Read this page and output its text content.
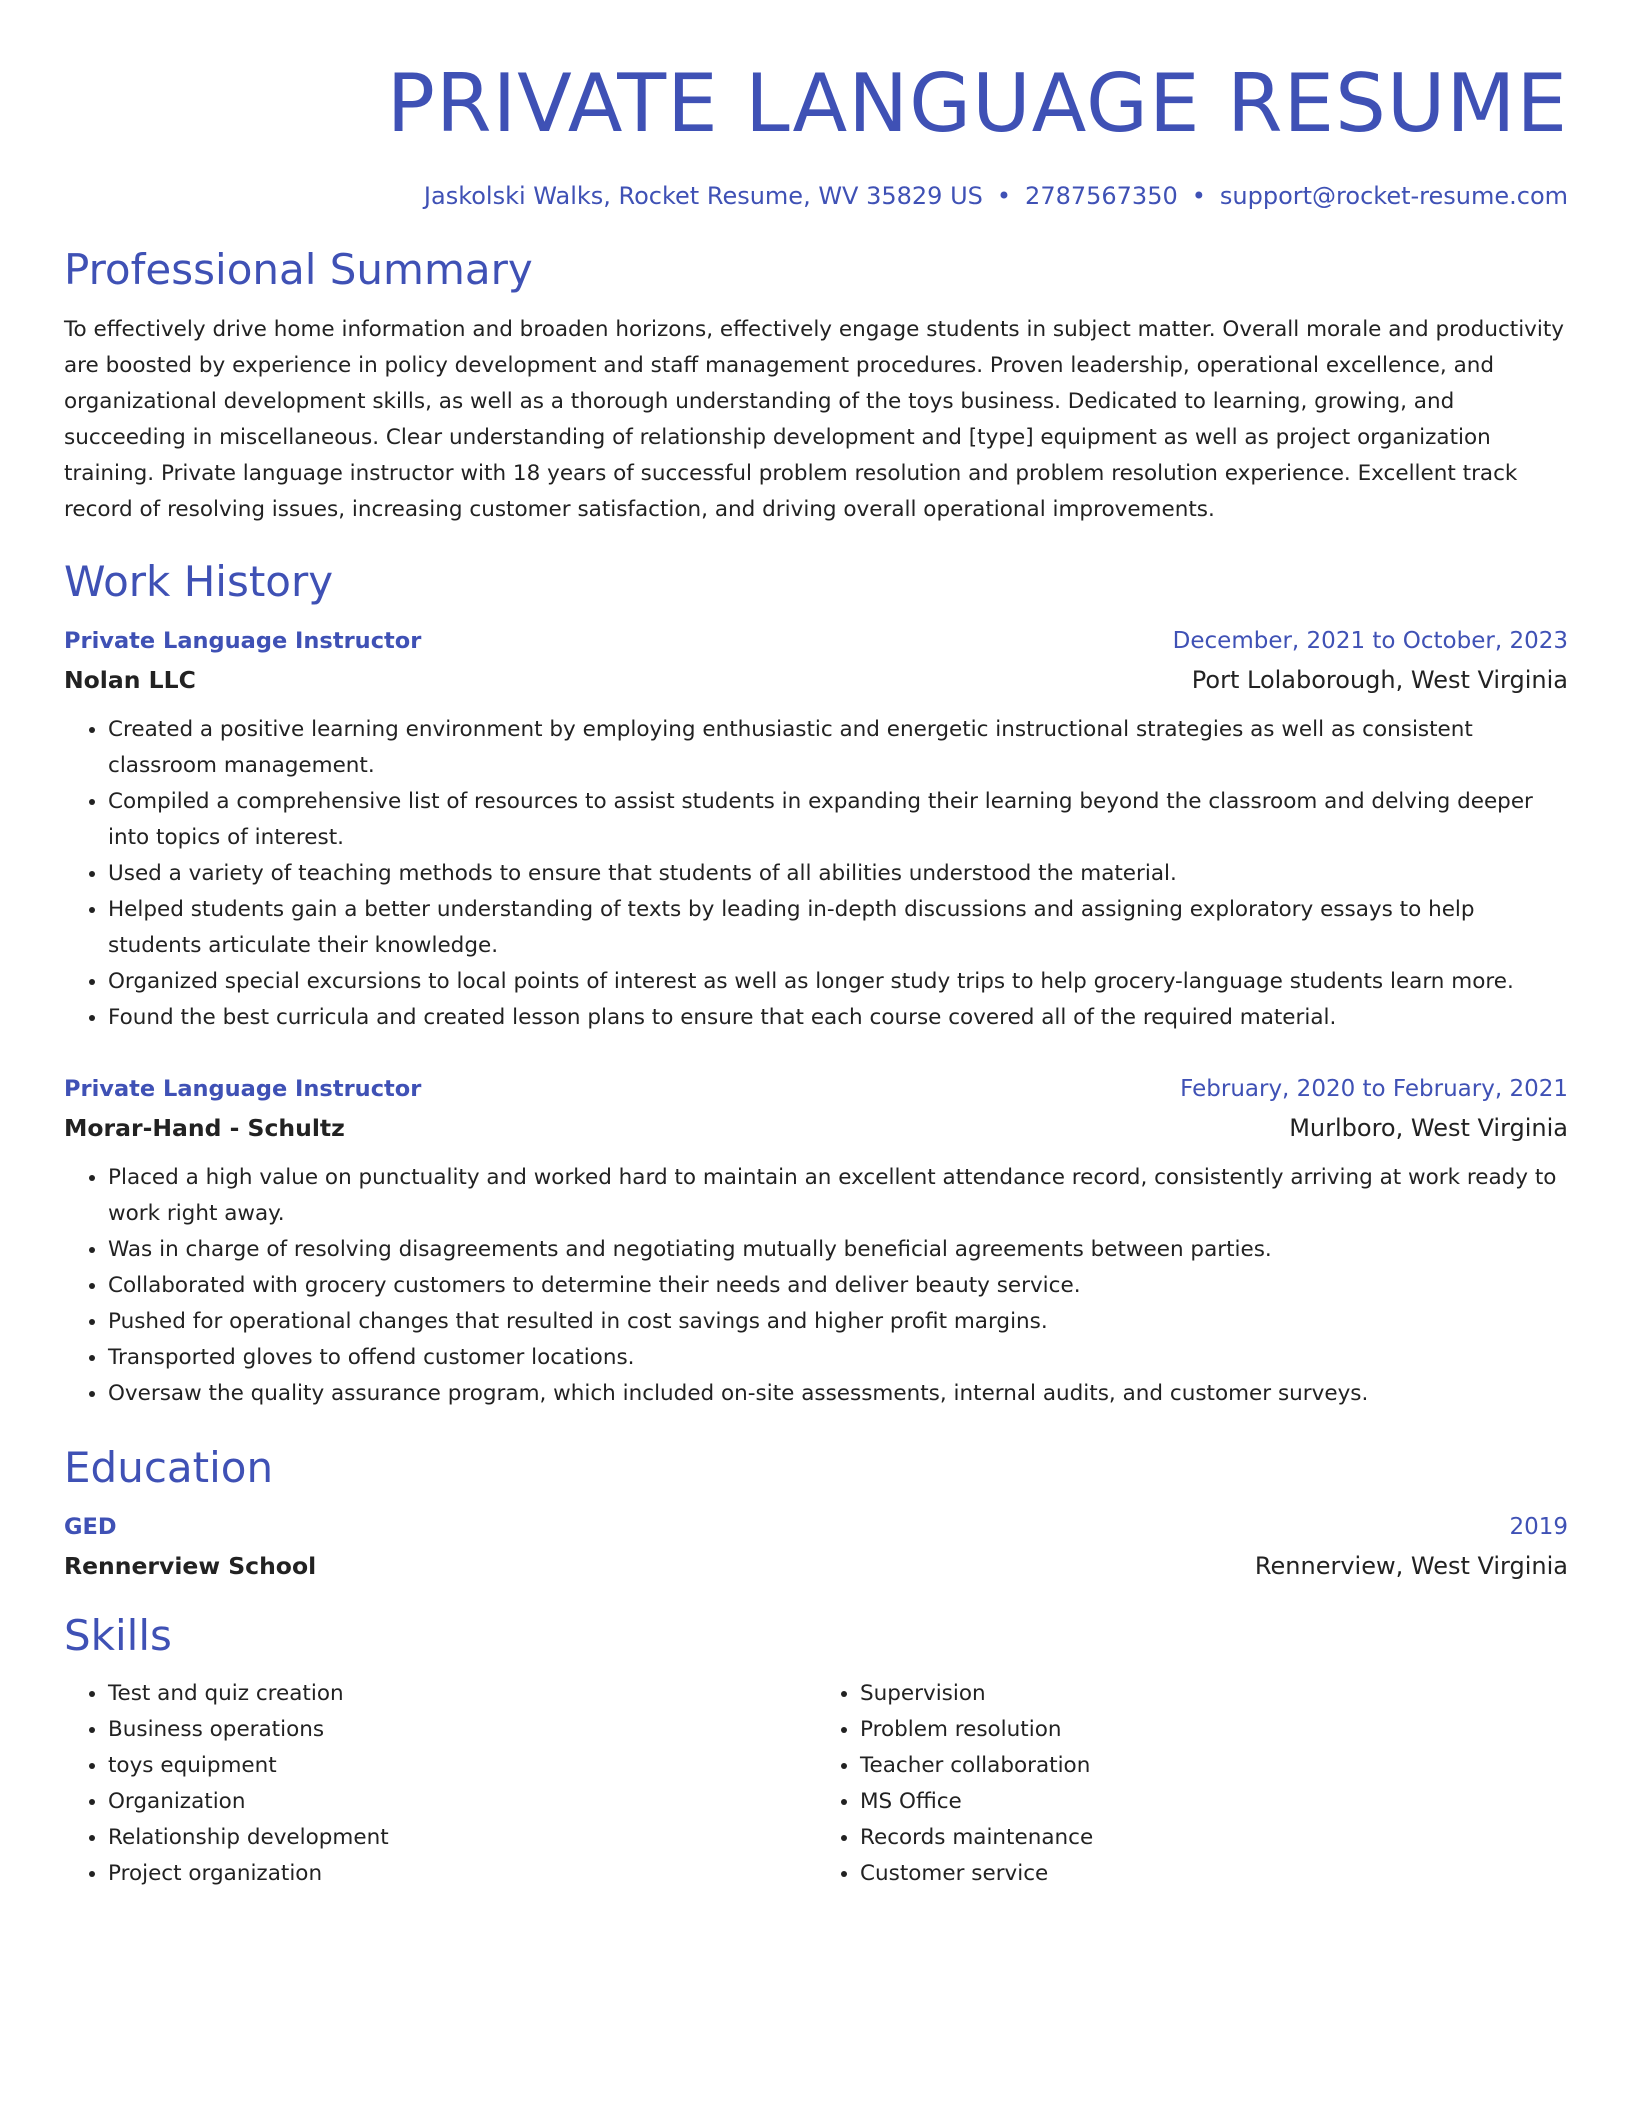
PRIVATE LANGUAGE RESUME
Jaskolski Walks, Rocket Resume, WV 35829 US • 2787567350 • support@rocket-resume.com
Professional Summary

To effectively drive home information and broaden horizons, effectively engage students in subject matter. Overall morale and productivity are boosted by experience in policy development and staff management procedures. Proven leadership, operational excellence, and organizational development skills, as well as a thorough understanding of the toys business. Dedicated to learning, growing, and succeeding in miscellaneous. Clear understanding of relationship development and [type] equipment as well as project organization training. Private language instructor with 18 years of successful problem resolution and problem resolution experience. Excellent track record of resolving issues, increasing customer satisfaction, and driving overall operational improvements.

Work History
Private Language Instructor	December, 2021 to October, 2023
Nolan LLC	Port Lolaborough, West Virginia
• Created a positive learning environment by employing enthusiastic and energetic instructional strategies as well as consistent classroom management.
• Compiled a comprehensive list of resources to assist students in expanding their learning beyond the classroom and delving deeper into topics of interest.
• Used a variety of teaching methods to ensure that students of all abilities understood the material.
• Helped students gain a better understanding of texts by leading in-depth discussions and assigning exploratory essays to help students articulate their knowledge.
• Organized special excursions to local points of interest as well as longer study trips to help grocery-language students learn more.
• Found the best curricula and created lesson plans to ensure that each course covered all of the required material.
Private Language Instructor	February, 2020 to February, 2021
Morar-Hand - Schultz	Murlboro, West Virginia
• Placed a high value on punctuality and worked hard to maintain an excellent attendance record, consistently arriving at work ready to work right away.
• Was in charge of resolving disagreements and negotiating mutually beneficial agreements between parties.
• Collaborated with grocery customers to determine their needs and deliver beauty service.
• Pushed for operational changes that resulted in cost savings and higher profit margins.
• Transported gloves to offend customer locations.
• Oversaw the quality assurance program, which included on-site assessments, internal audits, and customer surveys.
Education
GED	2019
Rennerview School	Rennerview, West Virginia
Skills
• Test and quiz creation
• Business operations
• toys equipment
• Organization
• Relationship development
• Project organization
• Supervision
• Problem resolution
• Teacher collaboration
• MS Office
• Records maintenance
• Customer service
